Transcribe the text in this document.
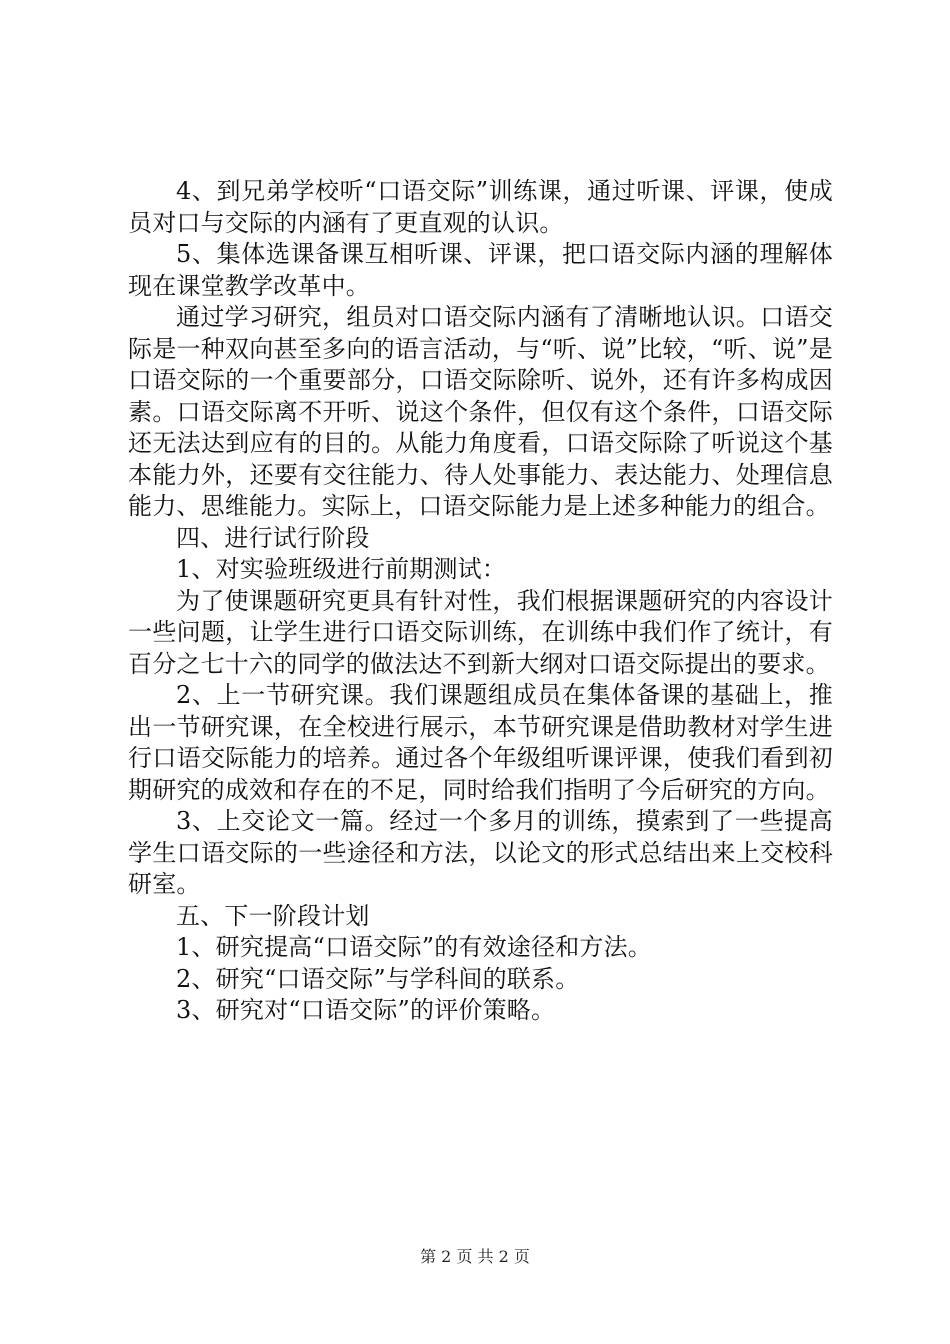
4、到兄弟学校听“口语交际”训练课，通过听课、评课，使成员对口与交际的内涵有了更直观的认识。

5、集体选课备课互相听课、评课，把口语交际内涵的理解体现在课堂教学改革中。

通过学习研究，组员对口语交际内涵有了清晰地认识。口语交际是一种双向甚至多向的语言活动，与“听、说”比较，“听、说”是口语交际的一个重要部分，口语交际除听、说外，还有许多构成因素。口语交际离不开听、说这个条件，但仅有这个条件，口语交际还无法达到应有的目的。从能力角度看，口语交际除了听说这个基本能力外，还要有交往能力、待人处事能力、表达能力、处理信息能力、思维能力。实际上，口语交际能力是上述多种能力的组合。

四、进行试行阶段

1、对实验班级进行前期测试：

为了使课题研究更具有针对性，我们根据课题研究的内容设计一些问题，让学生进行口语交际训练，在训练中我们作了统计，有百分之七十六的同学的做法达不到新大纲对口语交际提出的要求。

2、上一节研究课。我们课题组成员在集体备课的基础上，推出一节研究课，在全校进行展示，本节研究课是借助教材对学生进行口语交际能力的培养。通过各个年级组听课评课，使我们看到初期研究的成效和存在的不足，同时给我们指明了今后研究的方向。

3、上交论文一篇。经过一个多月的训练，摸索到了一些提高学生口语交际的一些途径和方法，以论文的形式总结出来上交校科研室。

五、下一阶段计划

1、研究提高“口语交际”的有效途径和方法。

2、研究“口语交际”与学科间的联系。

3、研究对“口语交际”的评价策略。

第 2 页 共 2 页
